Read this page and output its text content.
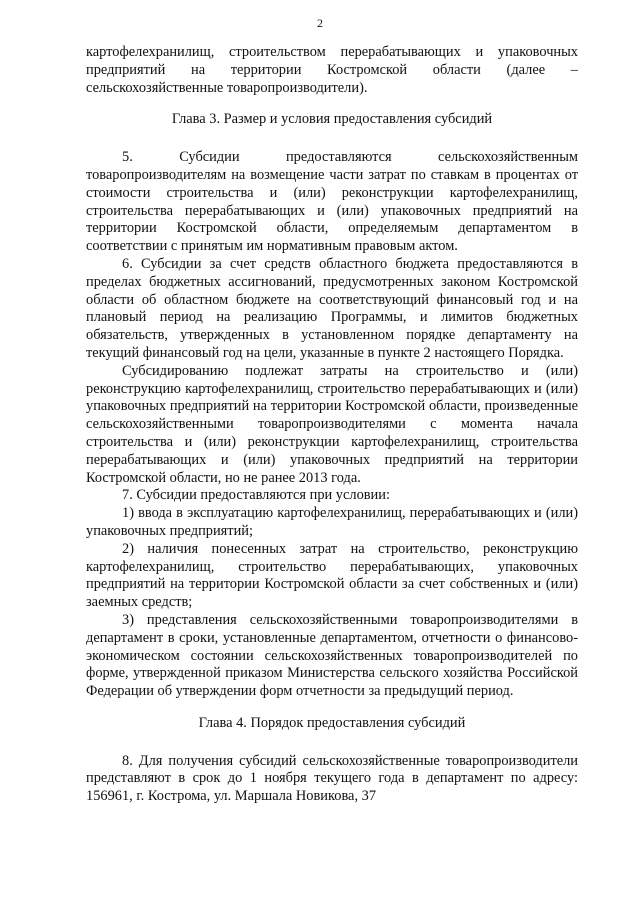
2

картофелехранилищ, строительством перерабатывающих и упаковочных предприятий на территории Костромской области (далее – сельскохозяйственные товаропроизводители).

Глава 3. Размер и условия предоставления субсидий

5. Субсидии предоставляются сельскохозяйственным товаропроизводителям на возмещение части затрат по ставкам в процентах от стоимости строительства и (или) реконструкции картофелехранилищ, строительства перерабатывающих и (или) упаковочных предприятий на территории Костромской области, определяемым департаментом в соответствии с принятым им нормативным правовым актом.

6. Субсидии за счет средств областного бюджета предоставляются в пределах бюджетных ассигнований, предусмотренных законом Костромской области об областном бюджете на соответствующий финансовый год и на плановый период на реализацию Программы, и лимитов бюджетных обязательств, утвержденных в установленном порядке департаменту на текущий финансовый год на цели, указанные в пункте 2 настоящего Порядка.

Субсидированию подлежат затраты на строительство и (или) реконструкцию картофелехранилищ, строительство перерабатывающих и (или) упаковочных предприятий на территории Костромской области, произведенные сельскохозяйственными товаропроизводителями с момента начала строительства и (или) реконструкции картофелехранилищ, строительства перерабатывающих и (или) упаковочных предприятий на территории Костромской области, но не ранее 2013 года.

7. Субсидии предоставляются при условии:

1) ввода в эксплуатацию картофелехранилищ, перерабатывающих и (или) упаковочных предприятий;

2) наличия понесенных затрат на строительство, реконструкцию картофелехранилищ, строительство перерабатывающих, упаковочных предприятий на территории Костромской области за счет собственных и (или) заемных средств;

3) представления сельскохозяйственными товаропроизводителями в департамент в сроки, установленные департаментом, отчетности о финансово-экономическом состоянии сельскохозяйственных товаропроизводителей по форме, утвержденной приказом Министерства сельского хозяйства Российской Федерации об утверждении форм отчетности за предыдущий период.

Глава 4. Порядок предоставления субсидий

8. Для получения субсидий сельскохозяйственные товаропроизводители представляют в срок до 1 ноября текущего года в департамент по адресу: 156961, г. Кострома, ул. Маршала Новикова, 37
